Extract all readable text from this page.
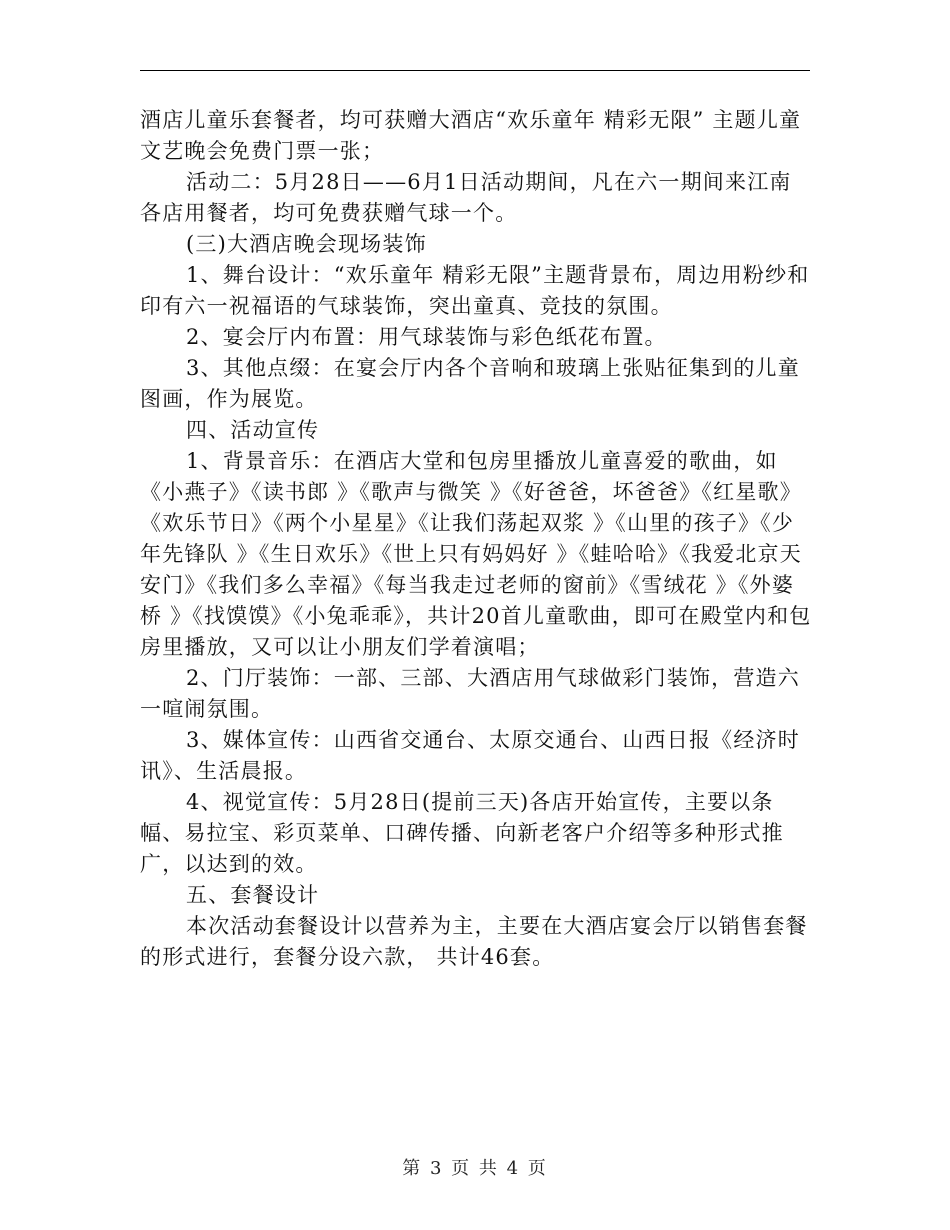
酒店儿童乐套餐者，均可获赠大酒店“欢乐童年 精彩无限” 主题儿童文艺晚会免费门票一张；

活动二：5月28日——6月1日活动期间，凡在六一期间来江南各店用餐者，均可免费获赠气球一个。

(三)大酒店晚会现场装饰

1、舞台设计：“欢乐童年 精彩无限”主题背景布，周边用粉纱和印有六一祝福语的气球装饰，突出童真、竞技的氛围。

2、宴会厅内布置：用气球装饰与彩色纸花布置。

3、其他点缀：在宴会厅内各个音响和玻璃上张贴征集到的儿童图画，作为展览。

四、活动宣传

1、背景音乐：在酒店大堂和包房里播放儿童喜爱的歌曲，如《小燕子》《读书郎 》《歌声与微笑 》《好爸爸，坏爸爸》《红星歌》《欢乐节日》《两个小星星》《让我们荡起双浆 》《山里的孩子》《少年先锋队 》《生日欢乐》《世上只有妈妈好 》《蛙哈哈》《我爱北京天安门》《我们多么幸福》《每当我走过老师的窗前》《雪绒花 》《外婆桥 》《找馍馍》《小兔乖乖》，共计20首儿童歌曲，即可在殿堂内和包房里播放，又可以让小朋友们学着演唱；

2、门厅装饰：一部、三部、大酒店用气球做彩门装饰，营造六一喧闹氛围。

3、媒体宣传：山西省交通台、太原交通台、山西日报《经济时讯》、生活晨报。

4、视觉宣传：5月28日(提前三天)各店开始宣传，主要以条幅、易拉宝、彩页菜单、口碑传播、向新老客户介绍等多种形式推广，以达到的效。

五、套餐设计

本次活动套餐设计以营养为主，主要在大酒店宴会厅以销售套餐的形式进行，套餐分设六款， 共计46套。

第 3 页 共 4 页
